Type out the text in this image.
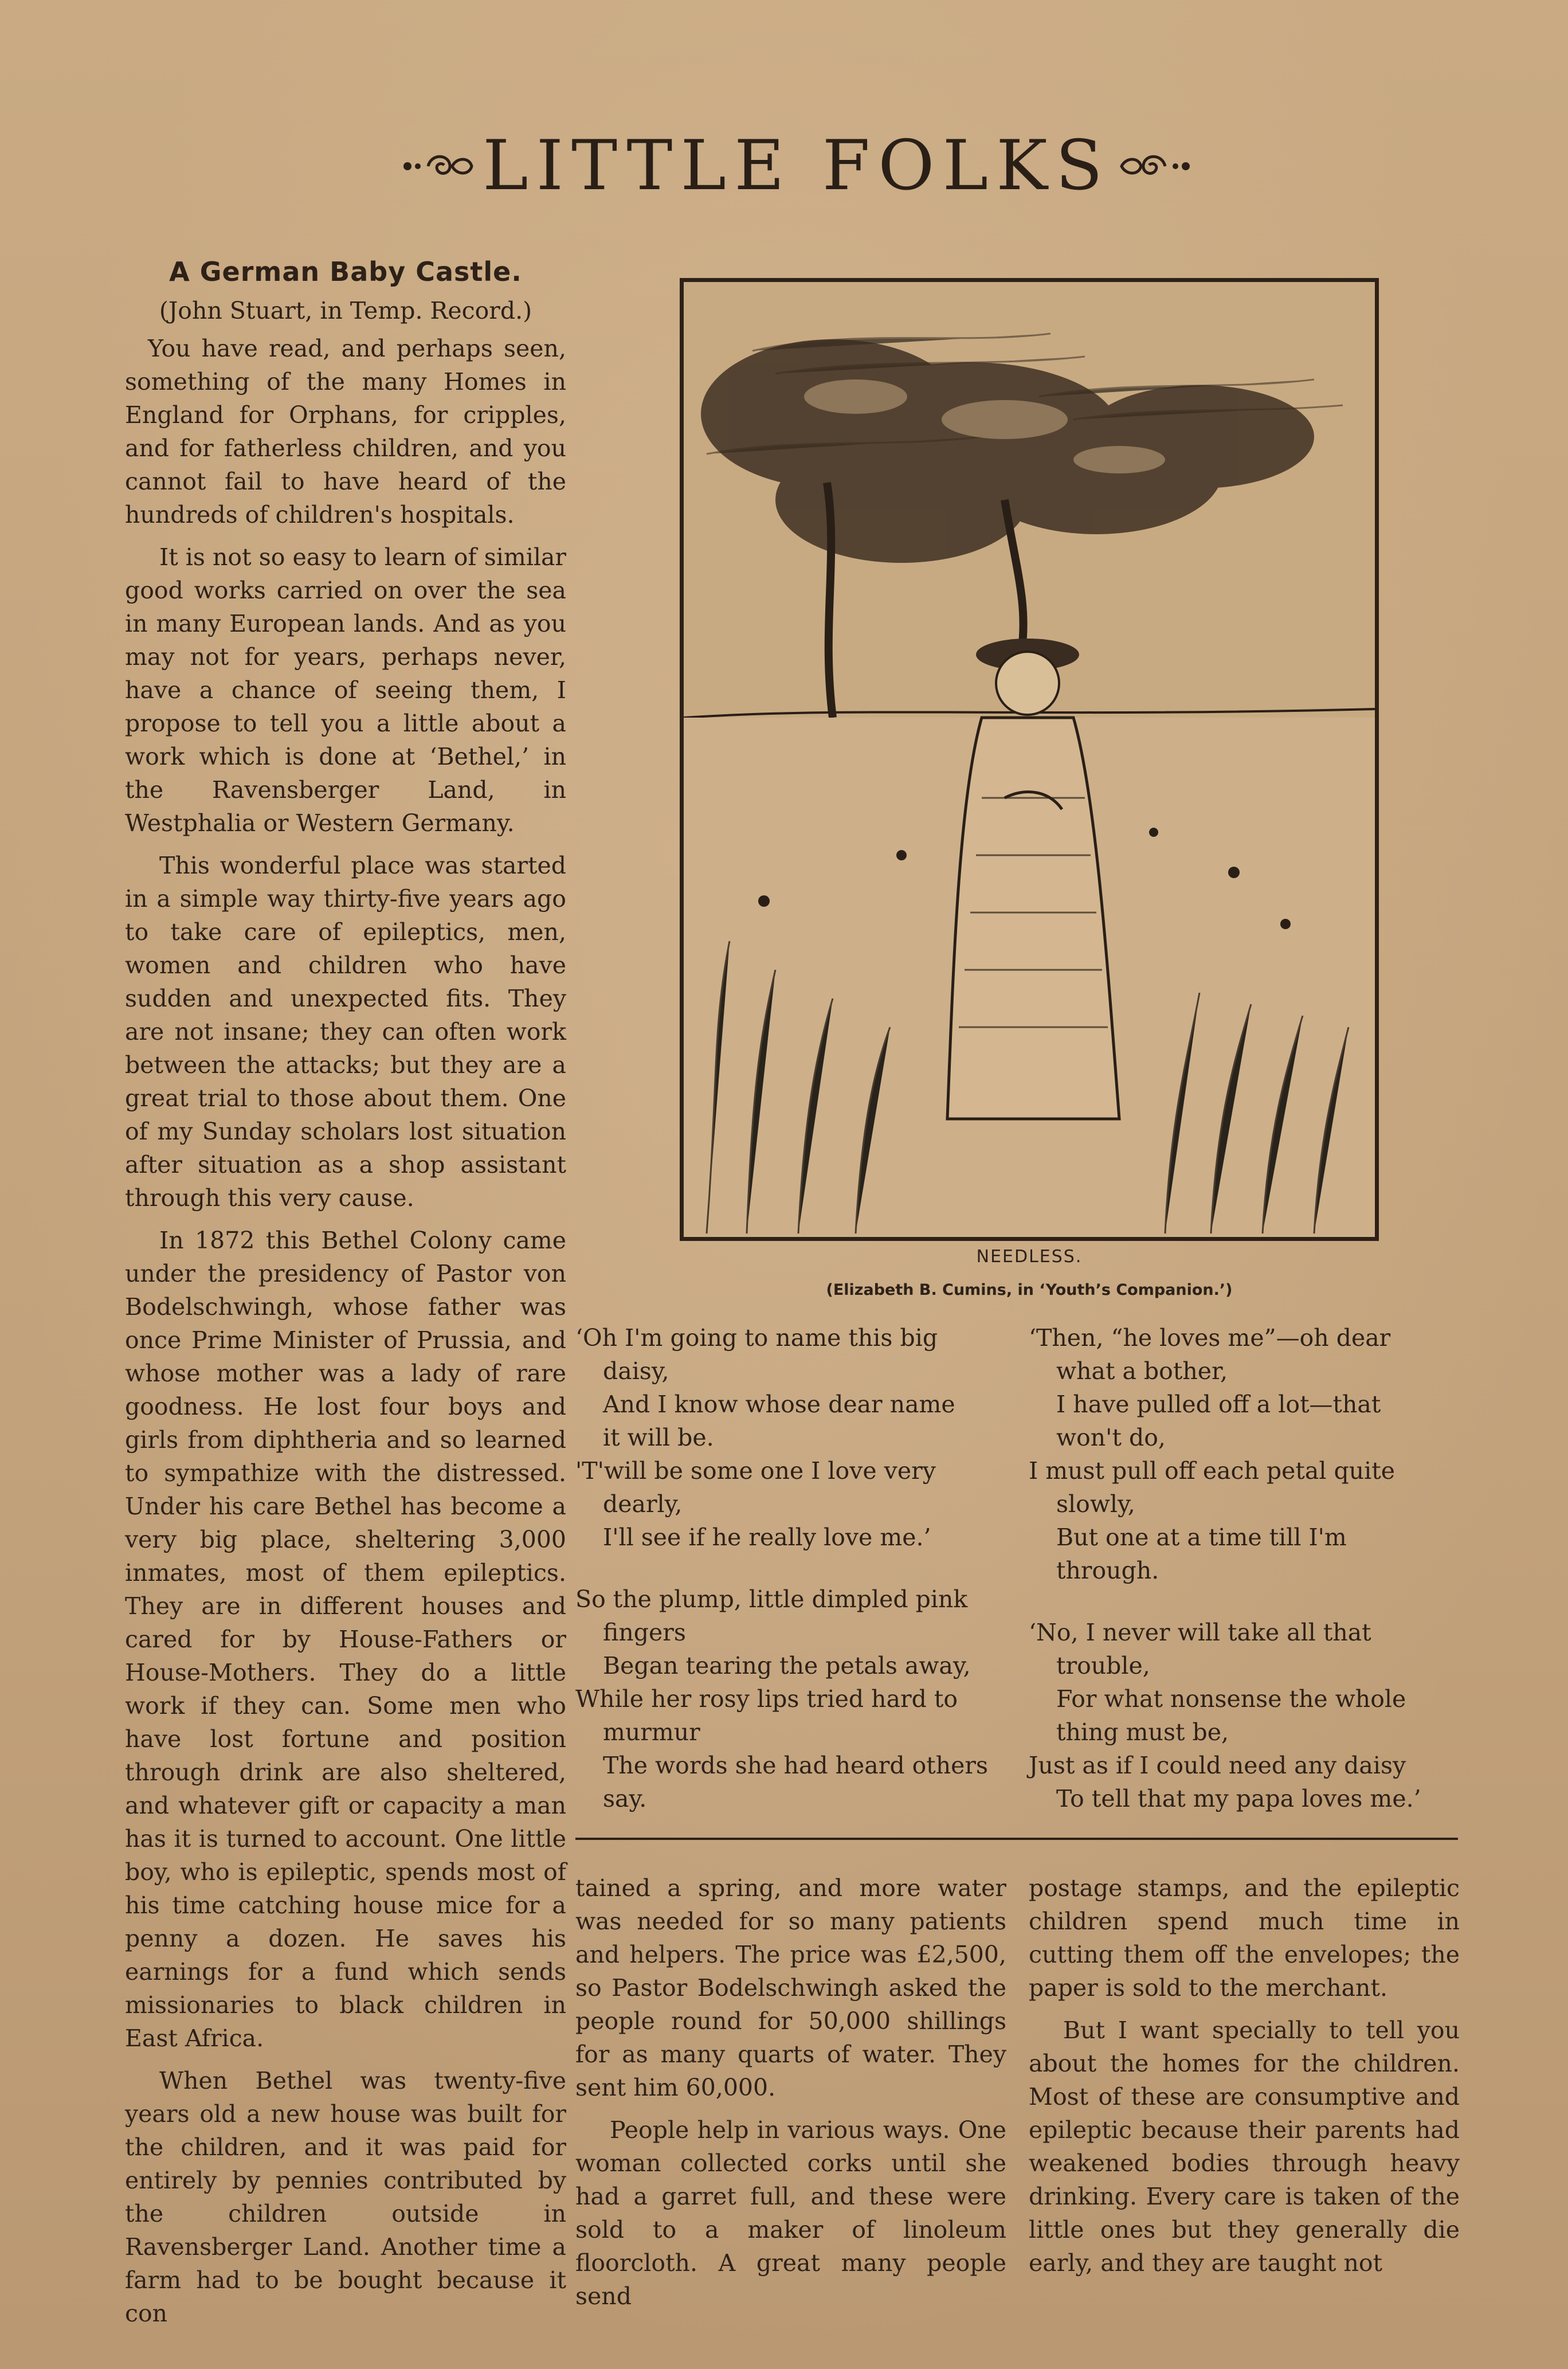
LITTLE FOLKS
A German Baby Castle.
(John Stuart, in Temp. Record.)

You have read, and perhaps seen, something of the many Homes in England for Orphans, for cripples, and for fatherless children, and you cannot fail to have heard of the hundreds of children's hospitals.

It is not so easy to learn of similar good works carried on over the sea in many European lands. And as you may not for years, perhaps never, have a chance of seeing them, I propose to tell you a little about a work which is done at ‘Bethel,’ in the Ravensberger Land, in Westphalia or Western Germany.

This wonderful place was started in a simple way thirty-five years ago to take care of epileptics, men, women and children who have sudden and unexpected fits. They are not insane; they can often work between the attacks; but they are a great trial to those about them. One of my Sunday scholars lost situation after situation as a shop assistant through this very cause.

In 1872 this Bethel Colony came under the presidency of Pastor von Bodelschwingh, whose father was once Prime Minister of Prussia, and whose mother was a lady of rare goodness. He lost four boys and girls from diphtheria and so learned to sympathize with the distressed. Under his care Bethel has become a very big place, sheltering 3,000 inmates, most of them epileptics. They are in different houses and cared for by House-Fathers or House-Mothers. They do a little work if they can. Some men who have lost fortune and position through drink are also sheltered, and whatever gift or capacity a man has it is turned to account. One little boy, who is epileptic, spends most of his time catching house mice for a penny a dozen. He saves his earnings for a fund which sends missionaries to black children in East Africa.

When Bethel was twenty-five years old a new house was built for the children, and it was paid for entirely by pennies contributed by the children outside in Ravensberger Land. Another time a farm had to be bought because it con

NEEDLESS.
(Elizabeth B. Cumins, in ‘Youth’s Companion.’)
‘Oh I'm going to name this big
daisy,
And I know whose dear name
it will be.
'T'will be some one I love very
dearly,
I'll see if he really love me.’
So the plump, little dimpled pink
fingers
Began tearing the petals away,
While her rosy lips tried hard to
murmur
The words she had heard others
say.
‘Then, “he loves me”—oh dear
what a bother,
I have pulled off a lot—that
won't do,
I must pull off each petal quite
slowly,
But one at a time till I'm
through.
‘No, I never will take all that
trouble,
For what nonsense the whole
thing must be,
Just as if I could need any daisy
To tell that my papa loves me.’

tained a spring, and more water was needed for so many patients and helpers. The price was £2,500, so Pastor Bodelschwingh asked the people round for 50,000 shillings for as many quarts of water. They sent him 60,000.

People help in various ways. One woman collected corks until she had a garret full, and these were sold to a maker of linoleum floorcloth. A great many people send

postage stamps, and the epileptic children spend much time in cutting them off the envelopes; the paper is sold to the merchant.

But I want specially to tell you about the homes for the children. Most of these are consumptive and epileptic because their parents had weakened bodies through heavy drinking. Every care is taken of the little ones but they generally die early, and they are taught not
